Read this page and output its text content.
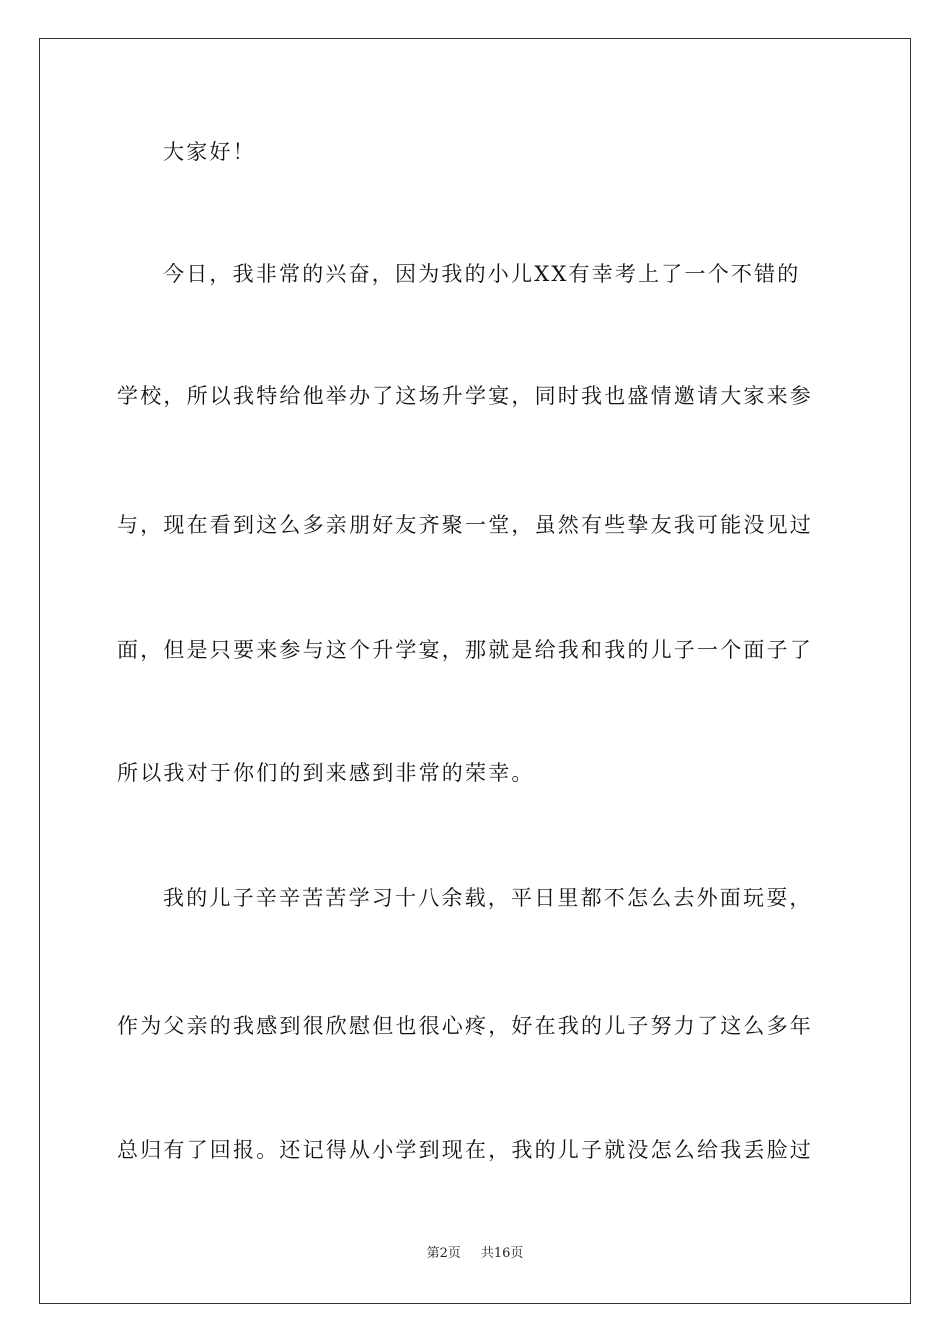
大家好！
今日，我非常的兴奋，因为我的小儿XX有幸考上了一个不错的
学校，所以我特给他举办了这场升学宴，同时我也盛情邀请大家来参
与，现在看到这么多亲朋好友齐聚一堂，虽然有些挚友我可能没见过
面，但是只要来参与这个升学宴，那就是给我和我的儿子一个面子了
所以我对于你们的到来感到非常的荣幸。
我的儿子辛辛苦苦学习十八余载，平日里都不怎么去外面玩耍，
作为父亲的我感到很欣慰但也很心疼，好在我的儿子努力了这么多年
总归有了回报。还记得从小学到现在，我的儿子就没怎么给我丢脸过
第2页 共16页
